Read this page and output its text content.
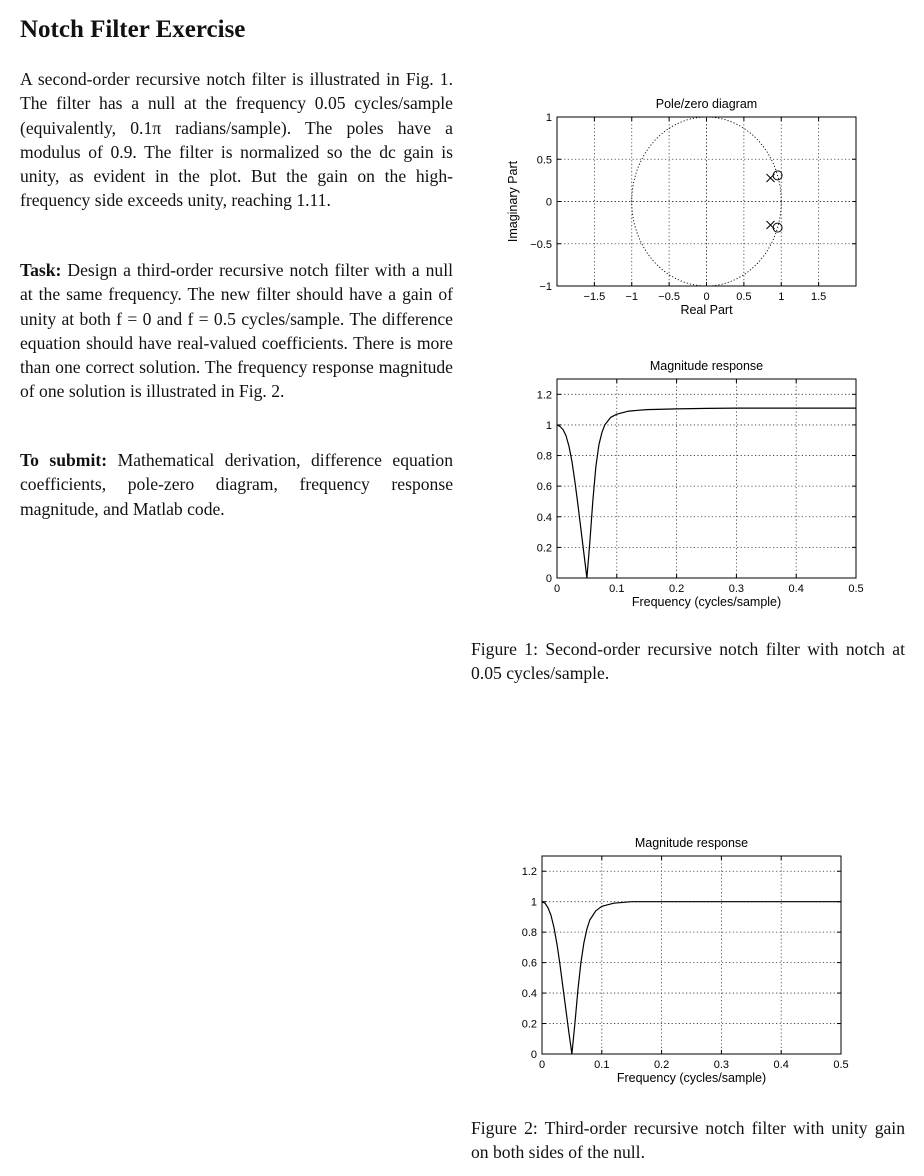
Notch Filter Exercise

A second-order recursive notch filter is illustrated in Fig. 1. The filter has a null at the frequency 0.05 cycles/sample (equivalently, 0.1π radians/sample). The poles have a modulus of 0.9. The filter is normalized so the dc gain is unity, as evident in the plot. But the gain on the high-frequency side exceeds unity, reaching 1.11.

Task: Design a third-order recursive notch filter with a null at the same frequency. The new filter should have a gain of unity at both f = 0 and f = 0.5 cycles/sample. The difference equation should have real-valued coefficients. There is more than one correct solution. The frequency response magnitude of one solution is illustrated in Fig. 2.

To submit: Mathematical derivation, difference equation coefficients, pole-zero diagram, frequency response magnitude, and Matlab code.

−1.5 −1 −0.5 0 0.5 1 1.5
−1
−0.5
0
0.5
1
Pole/zero diagram
Real Part
Imaginary Part
0	0.1	0.2	0.3	0.4	0.5
0
0.2
0.4
0.6
0.8
1
1.2
Magnitude response
Frequency (cycles/sample)
0	0.1	0.2	0.3	0.4	0.5
0
0.2
0.4
0.6
0.8
1
1.2
Magnitude response
Frequency (cycles/sample)

Figure 1: Second-order recursive notch filter with notch at 0.05 cycles/sample.

Figure 2: Third-order recursive notch filter with unity gain on both sides of the null.
